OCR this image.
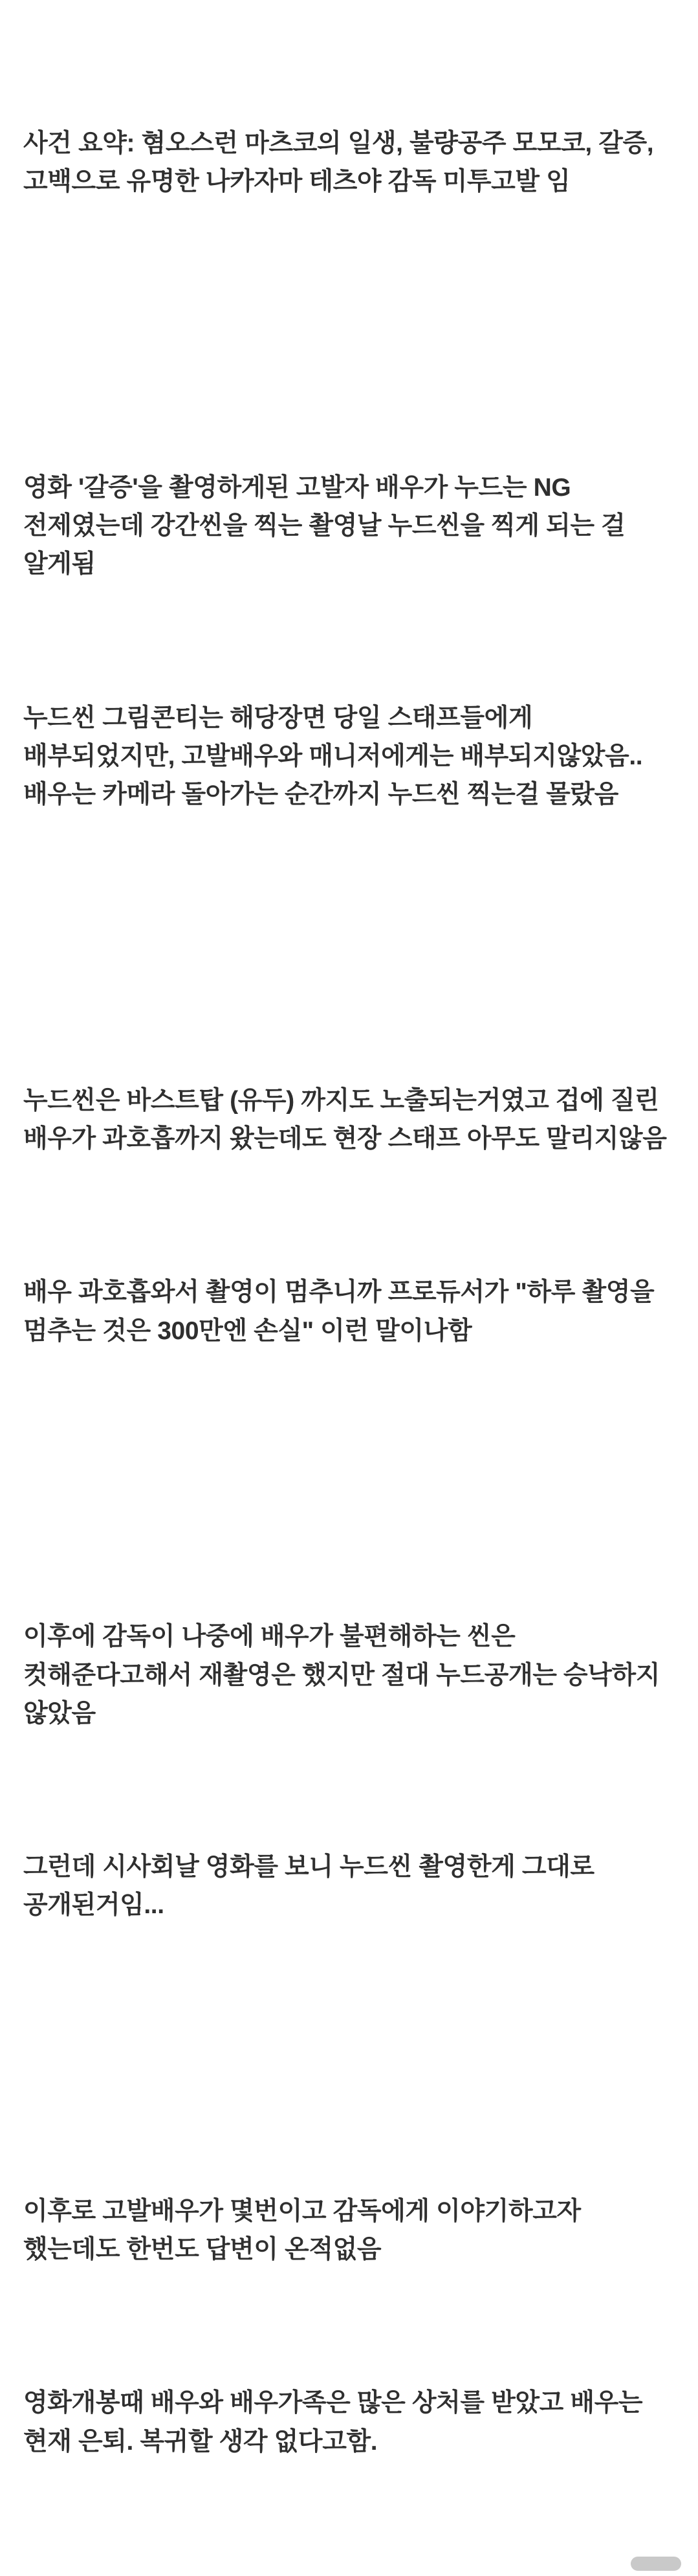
사건 요약: 혐오스런 마츠코의 일생, 불량공주 모모코, 갈증, 고백으로 유명한 나카자마 테츠야 감독 미투고발 임

영화 '갈증'을 촬영하게된 고발자 배우가 누드는 NG 전제였는데 강간씬을 찍는 촬영날 누드씬을 찍게 되는 걸 알게됨

누드씬 그림콘티는 해당장면 당일 스태프들에게 배부되었지만, 고발배우와 매니저에게는 배부되지않았음.. 배우는 카메라 돌아가는 순간까지 누드씬 찍는걸 몰랐음

누드씬은 바스트탑 (유두) 까지도 노출되는거였고 겁에 질린 배우가 과호흡까지 왔는데도 현장 스태프 아무도 말리지않음

배우 과호흡와서 촬영이 멈추니까 프로듀서가 "하루 촬영을 멈추는 것은 300만엔 손실" 이런 말이나함

이후에 감독이 나중에 배우가 불편해하는 씬은 컷해준다고해서 재촬영은 했지만 절대 누드공개는 승낙하지 않았음

그런데 시사회날 영화를 보니 누드씬 촬영한게 그대로 공개된거임...

이후로 고발배우가 몇번이고 감독에게 이야기하고자 했는데도 한번도 답변이 온적없음

영화개봉때 배우와 배우가족은 많은 상처를 받았고 배우는 현재 은퇴. 복귀할 생각 없다고함.
